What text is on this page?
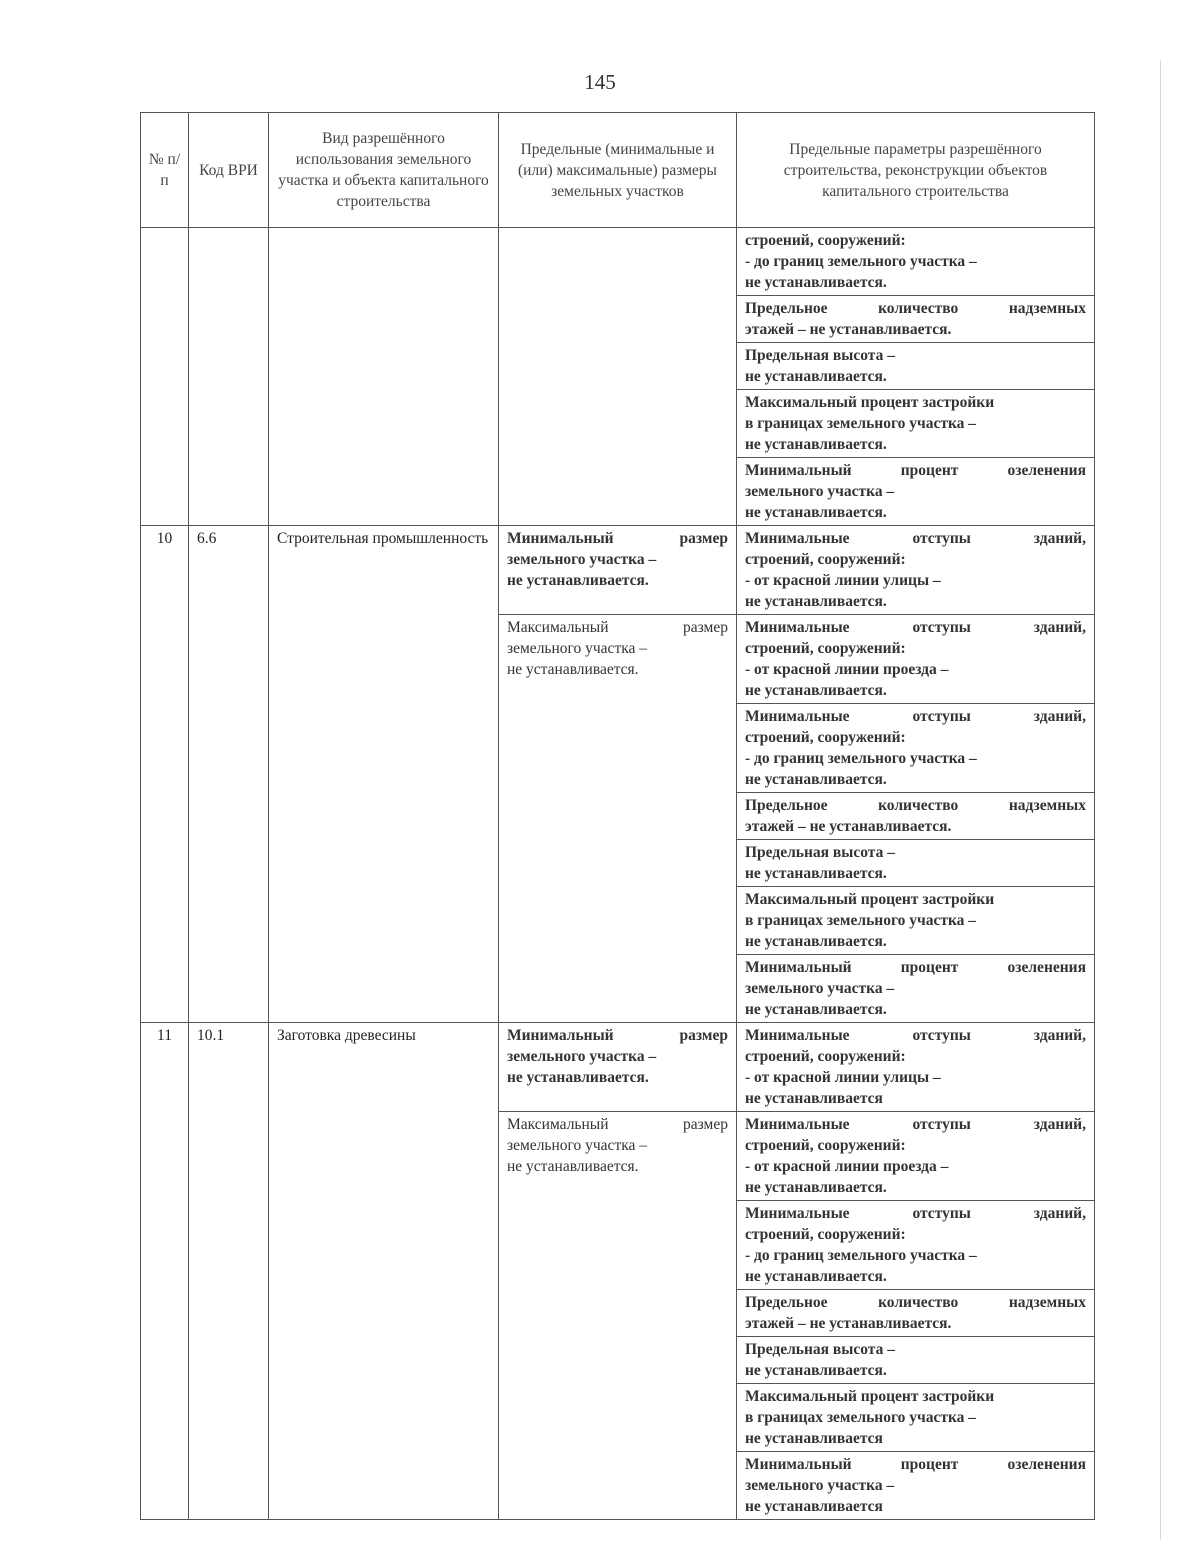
145
№ п/п	Код ВРИ	Вид разрешённого использования земельного участка и объекта капитального строительства	Предельные (минимальные и (или) максимальные) размеры земельных участков	Предельные параметры разрешённого строительства, реконструкции объектов капитального строительства

				строений, сооружений:
- до границ земельного участка –
не устанавливается.

				Предельное количество надземных
этажей – не устанавливается.

				Предельная высота –
не устанавливается.

				Максимальный процент застройки
в границах земельного участка –
не устанавливается.

				Минимальный процент озеленения
земельного участка –
не устанавливается.

10	6.6	Строительная промышленность	Минимальный размер
земельного участка –
не устанавливается.	Минимальные отступы зданий,
строений, сооружений:
- от красной линии улицы –
не устанавливается.

			Максимальный размер
земельного участка –
не устанавливается.	Минимальные отступы зданий,
строений, сооружений:
- от красной линии проезда –
не устанавливается.

				Минимальные отступы зданий,
строений, сооружений:
- до границ земельного участка –
не устанавливается.

				Предельное количество надземных
этажей – не устанавливается.

				Предельная высота –
не устанавливается.

				Максимальный процент застройки
в границах земельного участка –
не устанавливается.

				Минимальный процент озеленения
земельного участка –
не устанавливается.

11	10.1	Заготовка древесины	Минимальный размер
земельного участка –
не устанавливается.	Минимальные отступы зданий,
строений, сооружений:
- от красной линии улицы –
не устанавливается

			Максимальный размер
земельного участка –
не устанавливается.	Минимальные отступы зданий,
строений, сооружений:
- от красной линии проезда –
не устанавливается.

				Минимальные отступы зданий,
строений, сооружений:
- до границ земельного участка –
не устанавливается.

				Предельное количество надземных
этажей – не устанавливается.

				Предельная высота –
не устанавливается.

				Максимальный процент застройки
в границах земельного участка –
не устанавливается

				Минимальный процент озеленения
земельного участка –
не устанавливается
